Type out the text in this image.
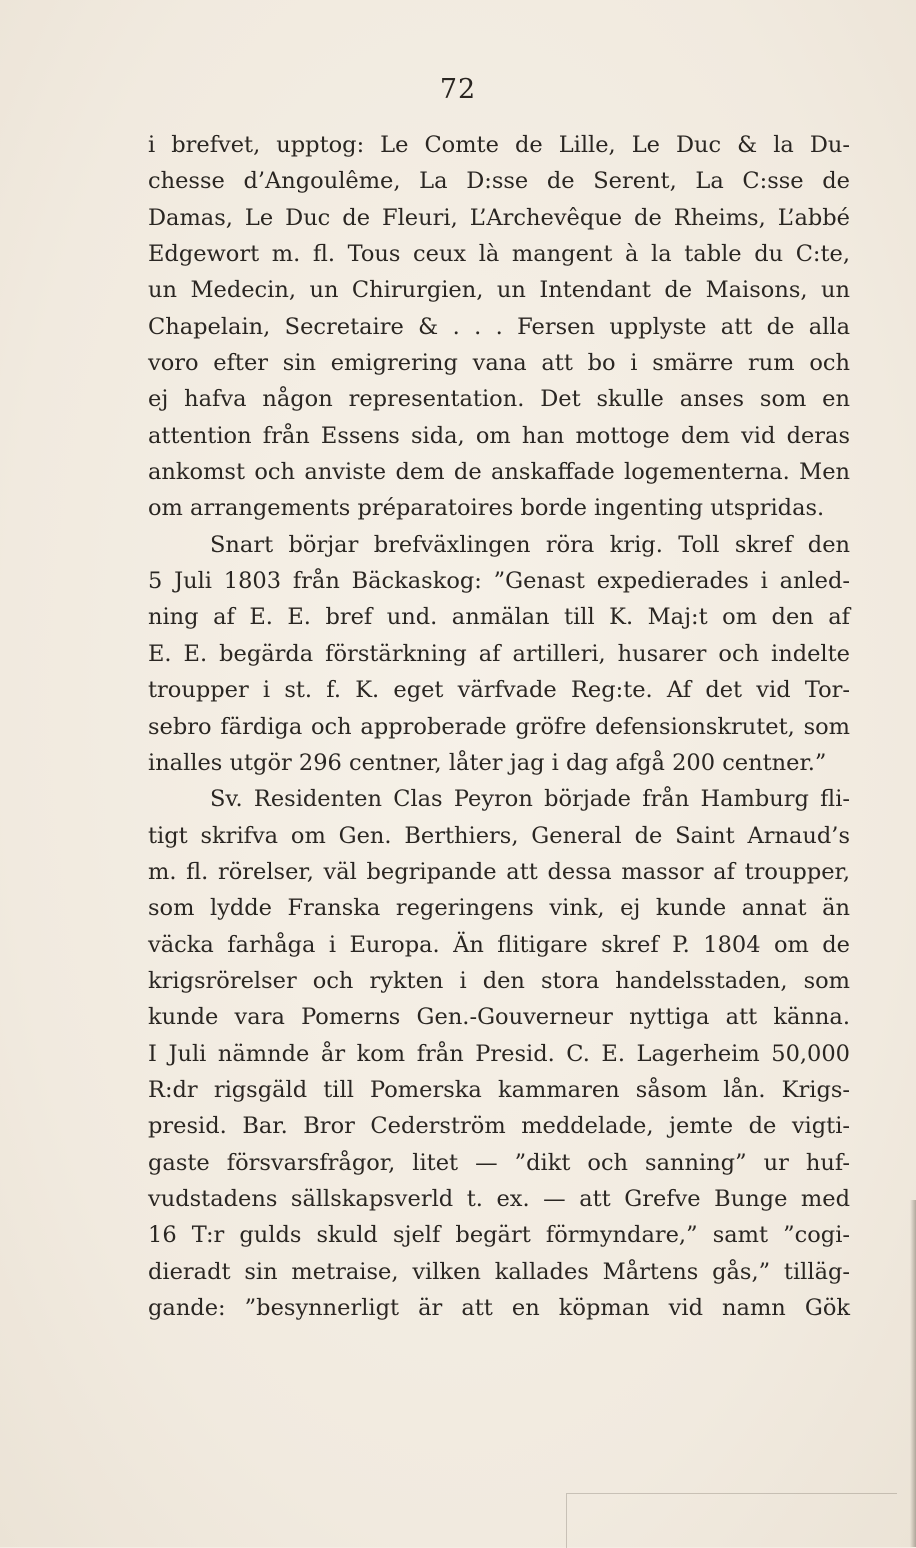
72
i brefvet, upptog: Le Comte de Lille, Le Duc & la Du-
chesse d’Angoulême, La D:sse de Serent, La C:sse de
Damas, Le Duc de Fleuri, L’Archevêque de Rheims, L’abbé
Edgewort m. fl. Tous ceux là mangent à la table du C:te,
un Medecin, un Chirurgien, un Intendant de Maisons, un
Chapelain, Secretaire & . . . Fersen upplyste att de alla
voro efter sin emigrering vana att bo i smärre rum och
ej hafva någon representation. Det skulle anses som en
attention från Essens sida, om han mottoge dem vid deras
ankomst och anviste dem de anskaffade logementerna. Men
om arrangements préparatoires borde ingenting utspridas.
Snart börjar brefväxlingen röra krig. Toll skref den
5 Juli 1803 från Bäckaskog: ”Genast expedierades i anled-
ning af E. E. bref und. anmälan till K. Maj:t om den af
E. E. begärda förstärkning af artilleri, husarer och indelte
troupper i st. f. K. eget värfvade Reg:te. Af det vid Tor-
sebro färdiga och approberade gröfre defensionskrutet, som
inalles utgör 296 centner, låter jag i dag afgå 200 centner.”
Sv. Residenten Clas Peyron började från Hamburg fli-
tigt skrifva om Gen. Berthiers, General de Saint Arnaud’s
m. fl. rörelser, väl begripande att dessa massor af troupper,
som lydde Franska regeringens vink, ej kunde annat än
väcka farhåga i Europa. Än flitigare skref P. 1804 om de
krigsrörelser och rykten i den stora handelsstaden, som
kunde vara Pomerns Gen.-Gouverneur nyttiga att känna.
I Juli nämnde år kom från Presid. C. E. Lagerheim 50,000
R:dr rigsgäld till Pomerska kammaren såsom lån. Krigs-
presid. Bar. Bror Cederström meddelade, jemte de vigti-
gaste försvarsfrågor, litet — ”dikt och sanning” ur huf-
vudstadens sällskapsverld t. ex. — att Grefve Bunge med
16 T:r gulds skuld sjelf begärt förmyndare,” samt ”cogi-
dieradt sin metraise, vilken kallades Mårtens gås,” tilläg-
gande: ”besynnerligt är att en köpman vid namn Gök
